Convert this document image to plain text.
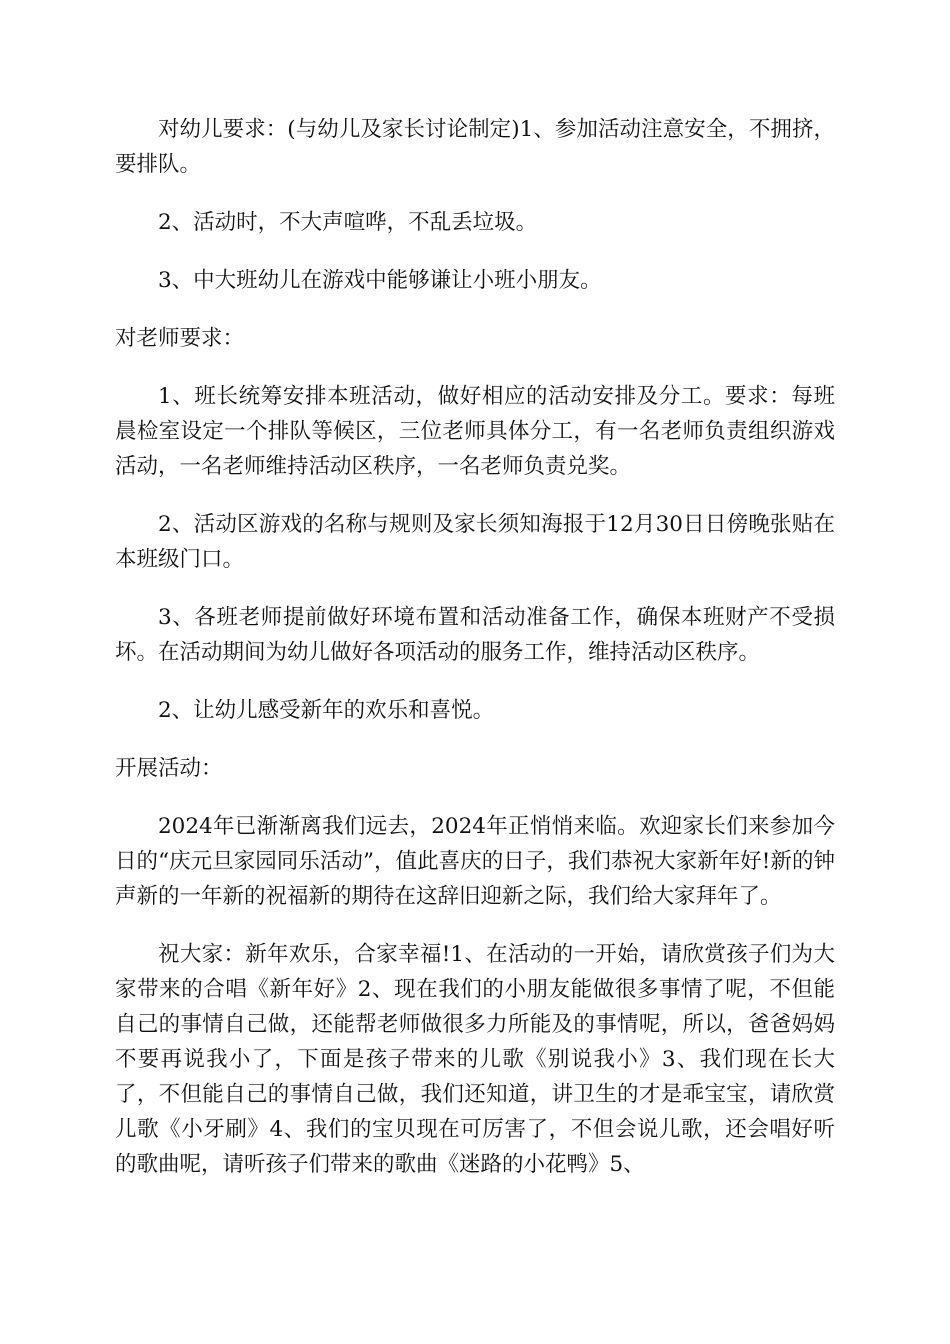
对幼儿要求：(与幼儿及家长讨论制定)1、参加活动注意安全，不拥挤，要排队。

2、活动时，不大声喧哗，不乱丢垃圾。

3、中大班幼儿在游戏中能够谦让小班小朋友。

对老师要求：

1、班长统筹安排本班活动，做好相应的活动安排及分工。要求：每班晨检室设定一个排队等候区，三位老师具体分工，有一名老师负责组织游戏活动，一名老师维持活动区秩序，一名老师负责兑奖。

2、活动区游戏的名称与规则及家长须知海报于12月30日日傍晚张贴在本班级门口。

3、各班老师提前做好环境布置和活动准备工作，确保本班财产不受损坏。在活动期间为幼儿做好各项活动的服务工作，维持活动区秩序。

2、让幼儿感受新年的欢乐和喜悦。

开展活动：

2024年已渐渐离我们远去，2024年正悄悄来临。欢迎家长们来参加今日的“庆元旦家园同乐活动”，值此喜庆的日子，我们恭祝大家新年好!新的钟声新的一年新的祝福新的期待在这辞旧迎新之际，我们给大家拜年了。

祝大家：新年欢乐，合家幸福!1、在活动的一开始，请欣赏孩子们为大家带来的合唱《新年好》2、现在我们的小朋友能做很多事情了呢，不但能自己的事情自己做，还能帮老师做很多力所能及的事情呢，所以，爸爸妈妈不要再说我小了，下面是孩子带来的儿歌《别说我小》3、我们现在长大了，不但能自己的事情自己做，我们还知道，讲卫生的才是乖宝宝，请欣赏儿歌《小牙刷》4、我们的宝贝现在可厉害了，不但会说儿歌，还会唱好听的歌曲呢，请听孩子们带来的歌曲《迷路的小花鸭》5、
